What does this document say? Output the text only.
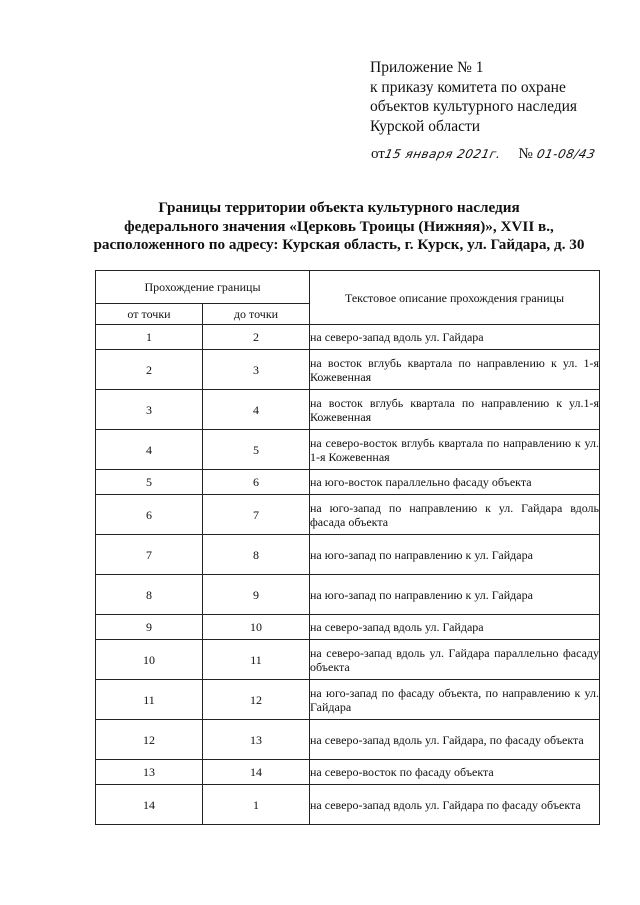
Приложение № 1
к приказу комитета по охране
объектов культурного наследия
Курской области
от15 января 2021г. № 01-08/43
Границы территории объекта культурного наследия
федерального значения «Церковь Троицы (Нижняя)», XVII в.,
расположенного по адресу: Курская область, г. Курск, ул. Гайдара, д. 30
Прохождение границы		Текстовое описание прохождения границы
от точки	до точки	
1	2	на северо-запад вдоль ул. Гайдара
2	3	на восток вглубь квартала по направлению к ул. 1-я Кожевенная
3	4	на восток вглубь квартала по направлению к ул.1-я Кожевенная
4	5	на северо-восток вглубь квартала по направлению к ул. 1-я Кожевенная
5	6	на юго-восток параллельно фасаду объекта
6	7	на юго-запад по направлению к ул. Гайдара вдоль фасада объекта
7	8	на юго-запад по направлению к ул. Гайдара
8	9	на юго-запад по направлению к ул. Гайдара
9	10	на северо-запад вдоль ул. Гайдара
10	11	на северо-запад вдоль ул. Гайдара параллельно фасаду объекта
11	12	на юго-запад по фасаду объекта, по направлению к ул. Гайдара
12	13	на северо-запад вдоль ул. Гайдара, по фасаду объекта
13	14	на северо-восток по фасаду объекта
14	1	на северо-запад вдоль ул. Гайдара по фасаду объекта
